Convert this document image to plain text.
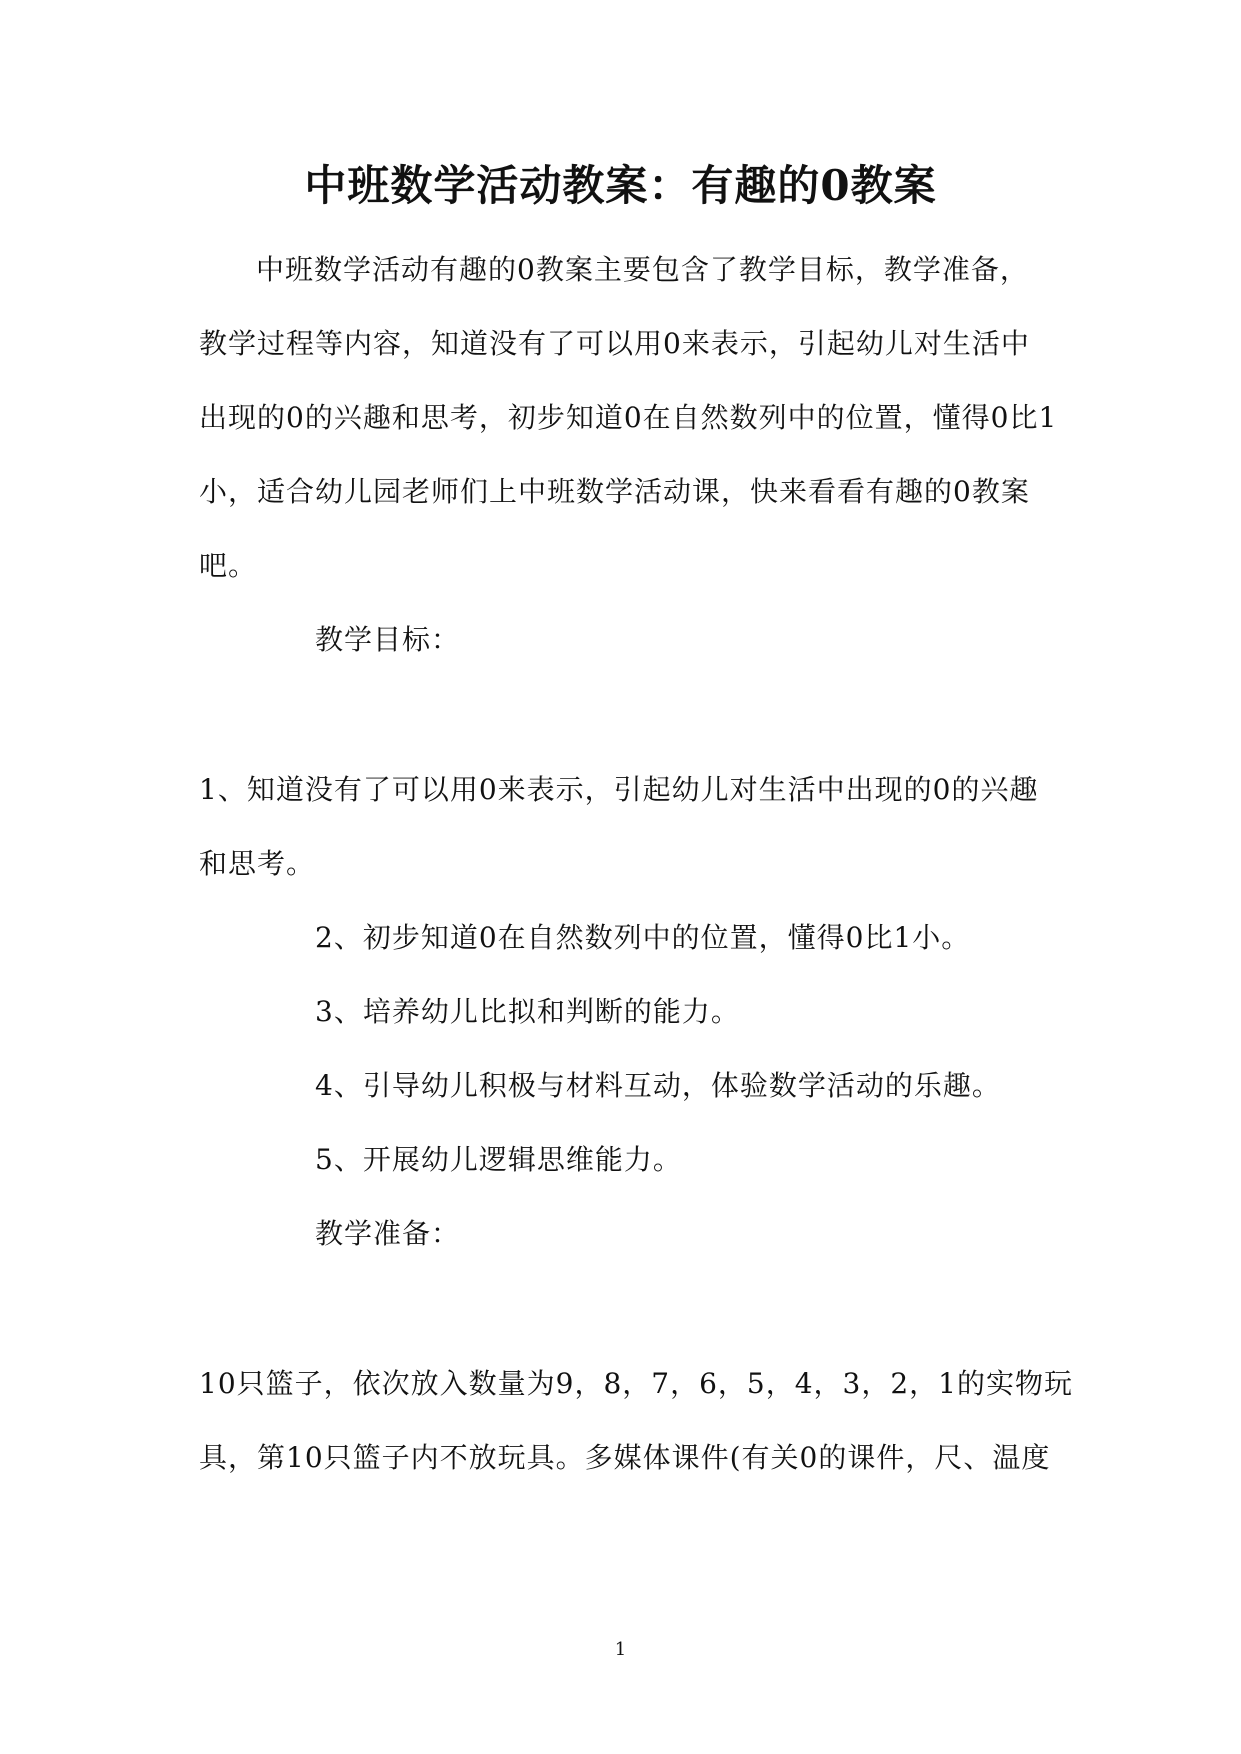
中班数学活动教案：有趣的0教案
中班数学活动有趣的0教案主要包含了教学目标，教学准备，
教学过程等内容，知道没有了可以用0来表示，引起幼儿对生活中
出现的0的兴趣和思考，初步知道0在自然数列中的位置，懂得0比1
小，适合幼儿园老师们上中班数学活动课，快来看看有趣的0教案
吧。
教学目标：
1、知道没有了可以用0来表示，引起幼儿对生活中出现的0的兴趣
和思考。
2、初步知道0在自然数列中的位置，懂得0比1小。
3、培养幼儿比拟和判断的能力。
4、引导幼儿积极与材料互动，体验数学活动的乐趣。
5、开展幼儿逻辑思维能力。
教学准备：
10只篮子，依次放入数量为9，8，7，6，5，4，3，2，1的实物玩
具，第10只篮子内不放玩具。多媒体课件(有关0的课件，尺、温度
1
